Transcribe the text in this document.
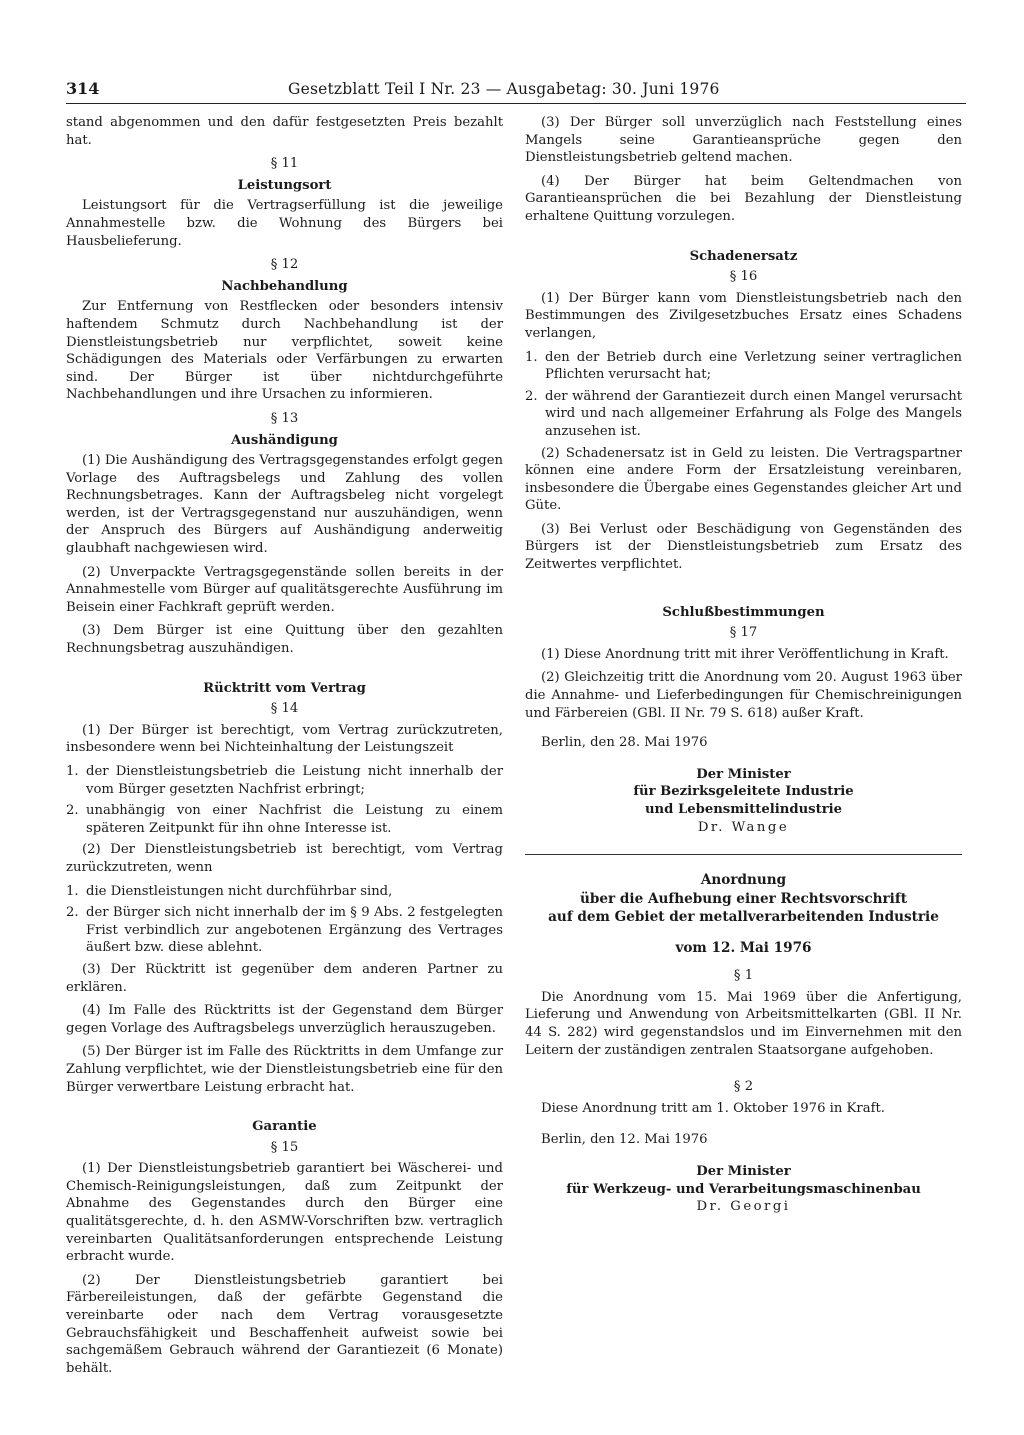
314	Gesetzblatt Teil I Nr. 23 — Ausgabetag: 30. Juni 1976

stand abgenommen und den dafür festgesetzten Preis bezahlt hat.

§ 11
Leistungsort

Leistungsort für die Vertragserfüllung ist die jeweilige Annahmestelle bzw. die Wohnung des Bürgers bei Hausbelieferung.

§ 12
Nachbehandlung

Zur Entfernung von Restflecken oder besonders intensiv haftendem Schmutz durch Nachbehandlung ist der Dienstleistungsbetrieb nur verpflichtet, soweit keine Schädigungen des Materials oder Verfärbungen zu erwarten sind. Der Bürger ist über nichtdurchgeführte Nachbehandlungen und ihre Ursachen zu informieren.

§ 13
Aushändigung

(1) Die Aushändigung des Vertragsgegenstandes erfolgt gegen Vorlage des Auftragsbelegs und Zahlung des vollen Rechnungsbetrages. Kann der Auftragsbeleg nicht vorgelegt werden, ist der Vertragsgegenstand nur auszuhändigen, wenn der Anspruch des Bürgers auf Aushändigung anderweitig glaubhaft nachgewiesen wird.

(2) Unverpackte Vertragsgegenstände sollen bereits in der Annahmestelle vom Bürger auf qualitätsgerechte Ausführung im Beisein einer Fachkraft geprüft werden.

(3) Dem Bürger ist eine Quittung über den gezahlten Rechnungsbetrag auszuhändigen.

Rücktritt vom Vertrag
§ 14

(1) Der Bürger ist berechtigt, vom Vertrag zurückzutreten, insbesondere wenn bei Nichteinhaltung der Leistungszeit

1. der Dienstleistungsbetrieb die Leistung nicht innerhalb der vom Bürger gesetzten Nachfrist erbringt;
2. unabhängig von einer Nachfrist die Leistung zu einem späteren Zeitpunkt für ihn ohne Interesse ist.

(2) Der Dienstleistungsbetrieb ist berechtigt, vom Vertrag zurückzutreten, wenn

1. die Dienstleistungen nicht durchführbar sind,
2. der Bürger sich nicht innerhalb der im § 9 Abs. 2 festgelegten Frist verbindlich zur angebotenen Ergänzung des Vertrages äußert bzw. diese ablehnt.

(3) Der Rücktritt ist gegenüber dem anderen Partner zu erklären.

(4) Im Falle des Rücktritts ist der Gegenstand dem Bürger gegen Vorlage des Auftragsbelegs unverzüglich herauszugeben.

(5) Der Bürger ist im Falle des Rücktritts in dem Umfange zur Zahlung verpflichtet, wie der Dienstleistungsbetrieb eine für den Bürger verwertbare Leistung erbracht hat.

Garantie
§ 15

(1) Der Dienstleistungsbetrieb garantiert bei Wäscherei- und Chemisch-Reinigungsleistungen, daß zum Zeitpunkt der Abnahme des Gegenstandes durch den Bürger eine qualitätsgerechte, d. h. den ASMW-Vorschriften bzw. vertraglich vereinbarten Qualitätsanforderungen entsprechende Leistung erbracht wurde.

(2) Der Dienstleistungsbetrieb garantiert bei Färbereileistungen, daß der gefärbte Gegenstand die vereinbarte oder nach dem Vertrag vorausgesetzte Gebrauchsfähigkeit und Beschaffenheit aufweist sowie bei sachgemäßem Gebrauch während der Garantiezeit (6 Monate) behält.

(3) Der Bürger soll unverzüglich nach Feststellung eines Mangels seine Garantieansprüche gegen den Dienstleistungsbetrieb geltend machen.

(4) Der Bürger hat beim Geltendmachen von Garantieansprüchen die bei Bezahlung der Dienstleistung erhaltene Quittung vorzulegen.

Schadenersatz
§ 16

(1) Der Bürger kann vom Dienstleistungsbetrieb nach den Bestimmungen des Zivilgesetzbuches Ersatz eines Schadens verlangen,

1. den der Betrieb durch eine Verletzung seiner vertraglichen Pflichten verursacht hat;
2. der während der Garantiezeit durch einen Mangel verursacht wird und nach allgemeiner Erfahrung als Folge des Mangels anzusehen ist.

(2) Schadenersatz ist in Geld zu leisten. Die Vertragspartner können eine andere Form der Ersatzleistung vereinbaren, insbesondere die Übergabe eines Gegenstandes gleicher Art und Güte.

(3) Bei Verlust oder Beschädigung von Gegenständen des Bürgers ist der Dienstleistungsbetrieb zum Ersatz des Zeitwertes verpflichtet.

Schlußbestimmungen
§ 17

(1) Diese Anordnung tritt mit ihrer Veröffentlichung in Kraft.

(2) Gleichzeitig tritt die Anordnung vom 20. August 1963 über die Annahme- und Lieferbedingungen für Chemischreinigungen und Färbereien (GBl. II Nr. 79 S. 618) außer Kraft.

Berlin, den 28. Mai 1976

Der Minister
für Bezirksgeleitete Industrie
und Lebensmittelindustrie
Dr. Wange
Anordnung
über die Aufhebung einer Rechtsvorschrift
auf dem Gebiet der metallverarbeitenden Industrie
vom 12. Mai 1976
§ 1

Die Anordnung vom 15. Mai 1969 über die Anfertigung, Lieferung und Anwendung von Arbeitsmittelkarten (GBl. II Nr. 44 S. 282) wird gegenstandslos und im Einvernehmen mit den Leitern der zuständigen zentralen Staatsorgane aufgehoben.

§ 2

Diese Anordnung tritt am 1. Oktober 1976 in Kraft.

Berlin, den 12. Mai 1976

Der Minister
für Werkzeug- und Verarbeitungsmaschinenbau
Dr. Georgi
